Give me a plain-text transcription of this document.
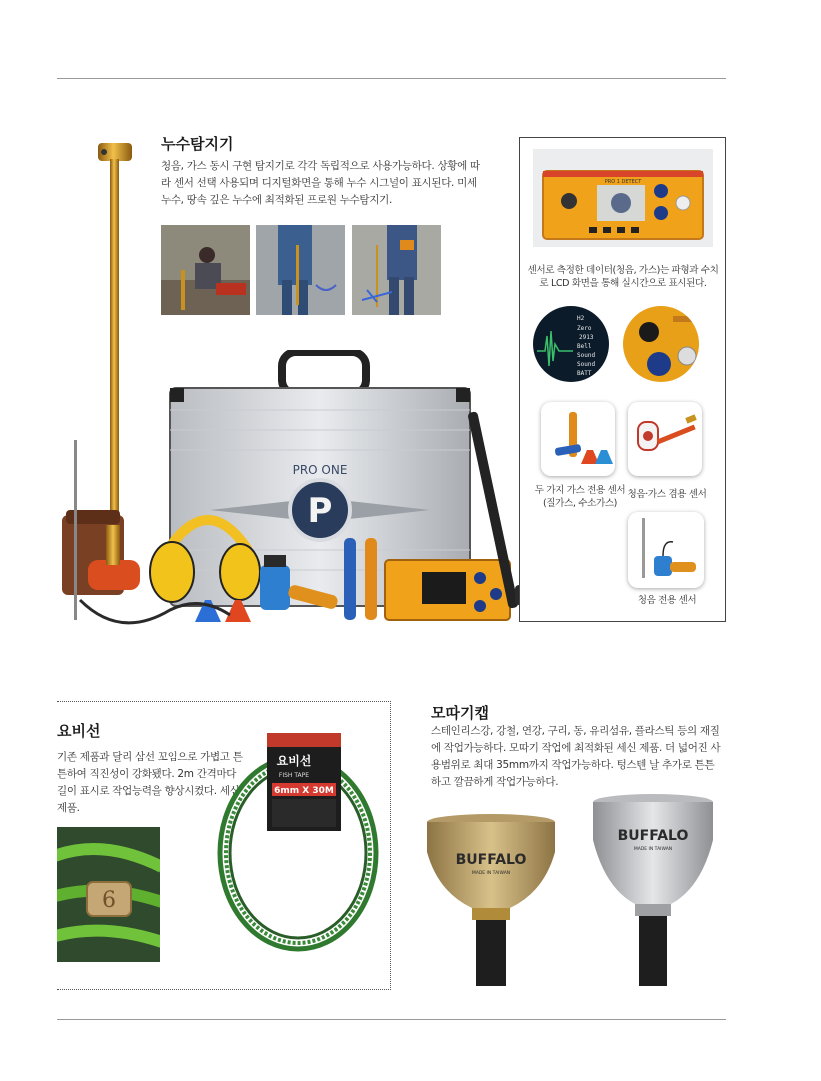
누수탐지기
청음, 가스 동시 구현 탐지기로 각각 독립적으로 사용가능하다. 상황에 따라 센서 선택 사용되며 디지털화면을 통해 누수 시그널이 표시된다. 미세누수, 땅속 깊은 누수에 최적화된 프로원 누수탐지기.
P
PRO ONE
PRO 1 DETECT
센서로 측정한 데이터(청음, 가스)는 파형과 수치로 LCD 화면을 통해 실시간으로 표시된다.
H2
Zero
2913
Bell
Sound
Sound
BATT
두 가지 가스 전용 센서(질가스, 수소가스)
청음·가스 겸용 센서
청음 전용 센서
요비선
기존 제품과 달리 삼선 꼬임으로 가볍고 튼튼하여 직진성이 강화됐다. 2m 간격마다 길이 표시로 작업능력을 향상시켰다. 세신 제품.
6
요비선
FISH TAPE
6mm X 30M
모따기캡
스테인리스강, 강철, 연강, 구리, 동, 유리섬유, 플라스틱 등의 재질에 작업가능하다. 모따기 작업에 최적화된 세신 제품. 더 넓어진 사용범위로 최대 35mm까지 작업가능하다. 텅스텐 날 추가로 튼튼하고 깔끔하게 작업가능하다.
BUFFALO
MADE IN TAIWAN
BUFFALO
MADE IN TAIWAN
